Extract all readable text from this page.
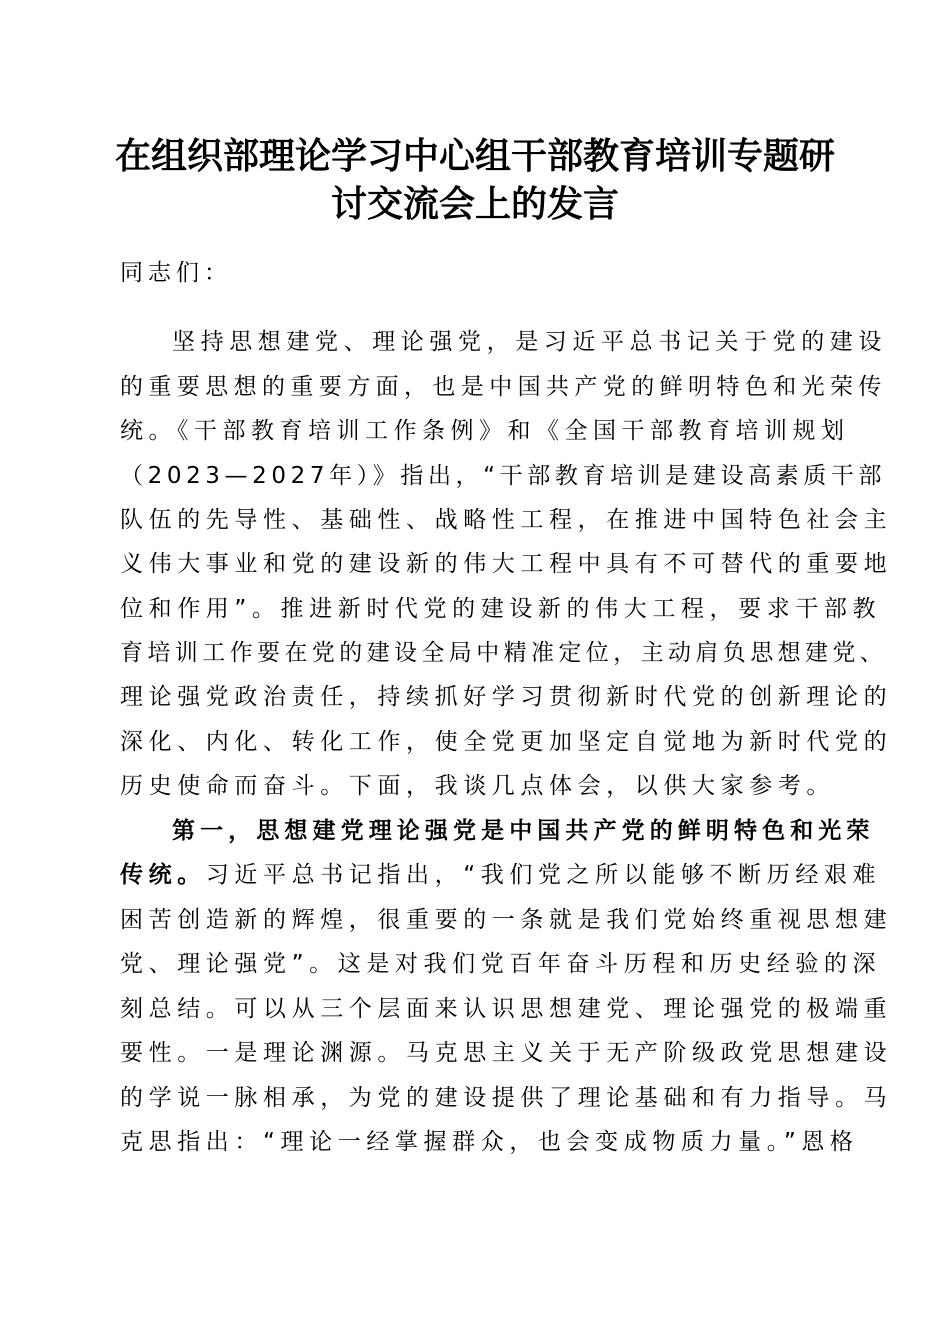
在组织部理论学习中心组干部教育培训专题研
讨交流会上的发言
同志们：
坚持思想建党、理论强党，是习近平总书记关于党的建设
的重要思想的重要方面，也是中国共产党的鲜明特色和光荣传
统。《干部教育培训工作条例》和《全国干部教育培训规划
（2023—2027年）》指出，“干部教育培训是建设高素质干部
队伍的先导性、基础性、战略性工程，在推进中国特色社会主
义伟大事业和党的建设新的伟大工程中具有不可替代的重要地
位和作用”。推进新时代党的建设新的伟大工程，要求干部教
育培训工作要在党的建设全局中精准定位，主动肩负思想建党、
理论强党政治责任，持续抓好学习贯彻新时代党的创新理论的
深化、内化、转化工作，使全党更加坚定自觉地为新时代党的
历史使命而奋斗。下面，我谈几点体会，以供大家参考。
第一，思想建党理论强党是中国共产党的鲜明特色和光荣
传统。习近平总书记指出，“我们党之所以能够不断历经艰难
困苦创造新的辉煌，很重要的一条就是我们党始终重视思想建
党、理论强党”。这是对我们党百年奋斗历程和历史经验的深
刻总结。可以从三个层面来认识思想建党、理论强党的极端重
要性。一是理论渊源。马克思主义关于无产阶级政党思想建设
的学说一脉相承，为党的建设提供了理论基础和有力指导。马
克思指出：“理论一经掌握群众，也会变成物质力量。”恩格
